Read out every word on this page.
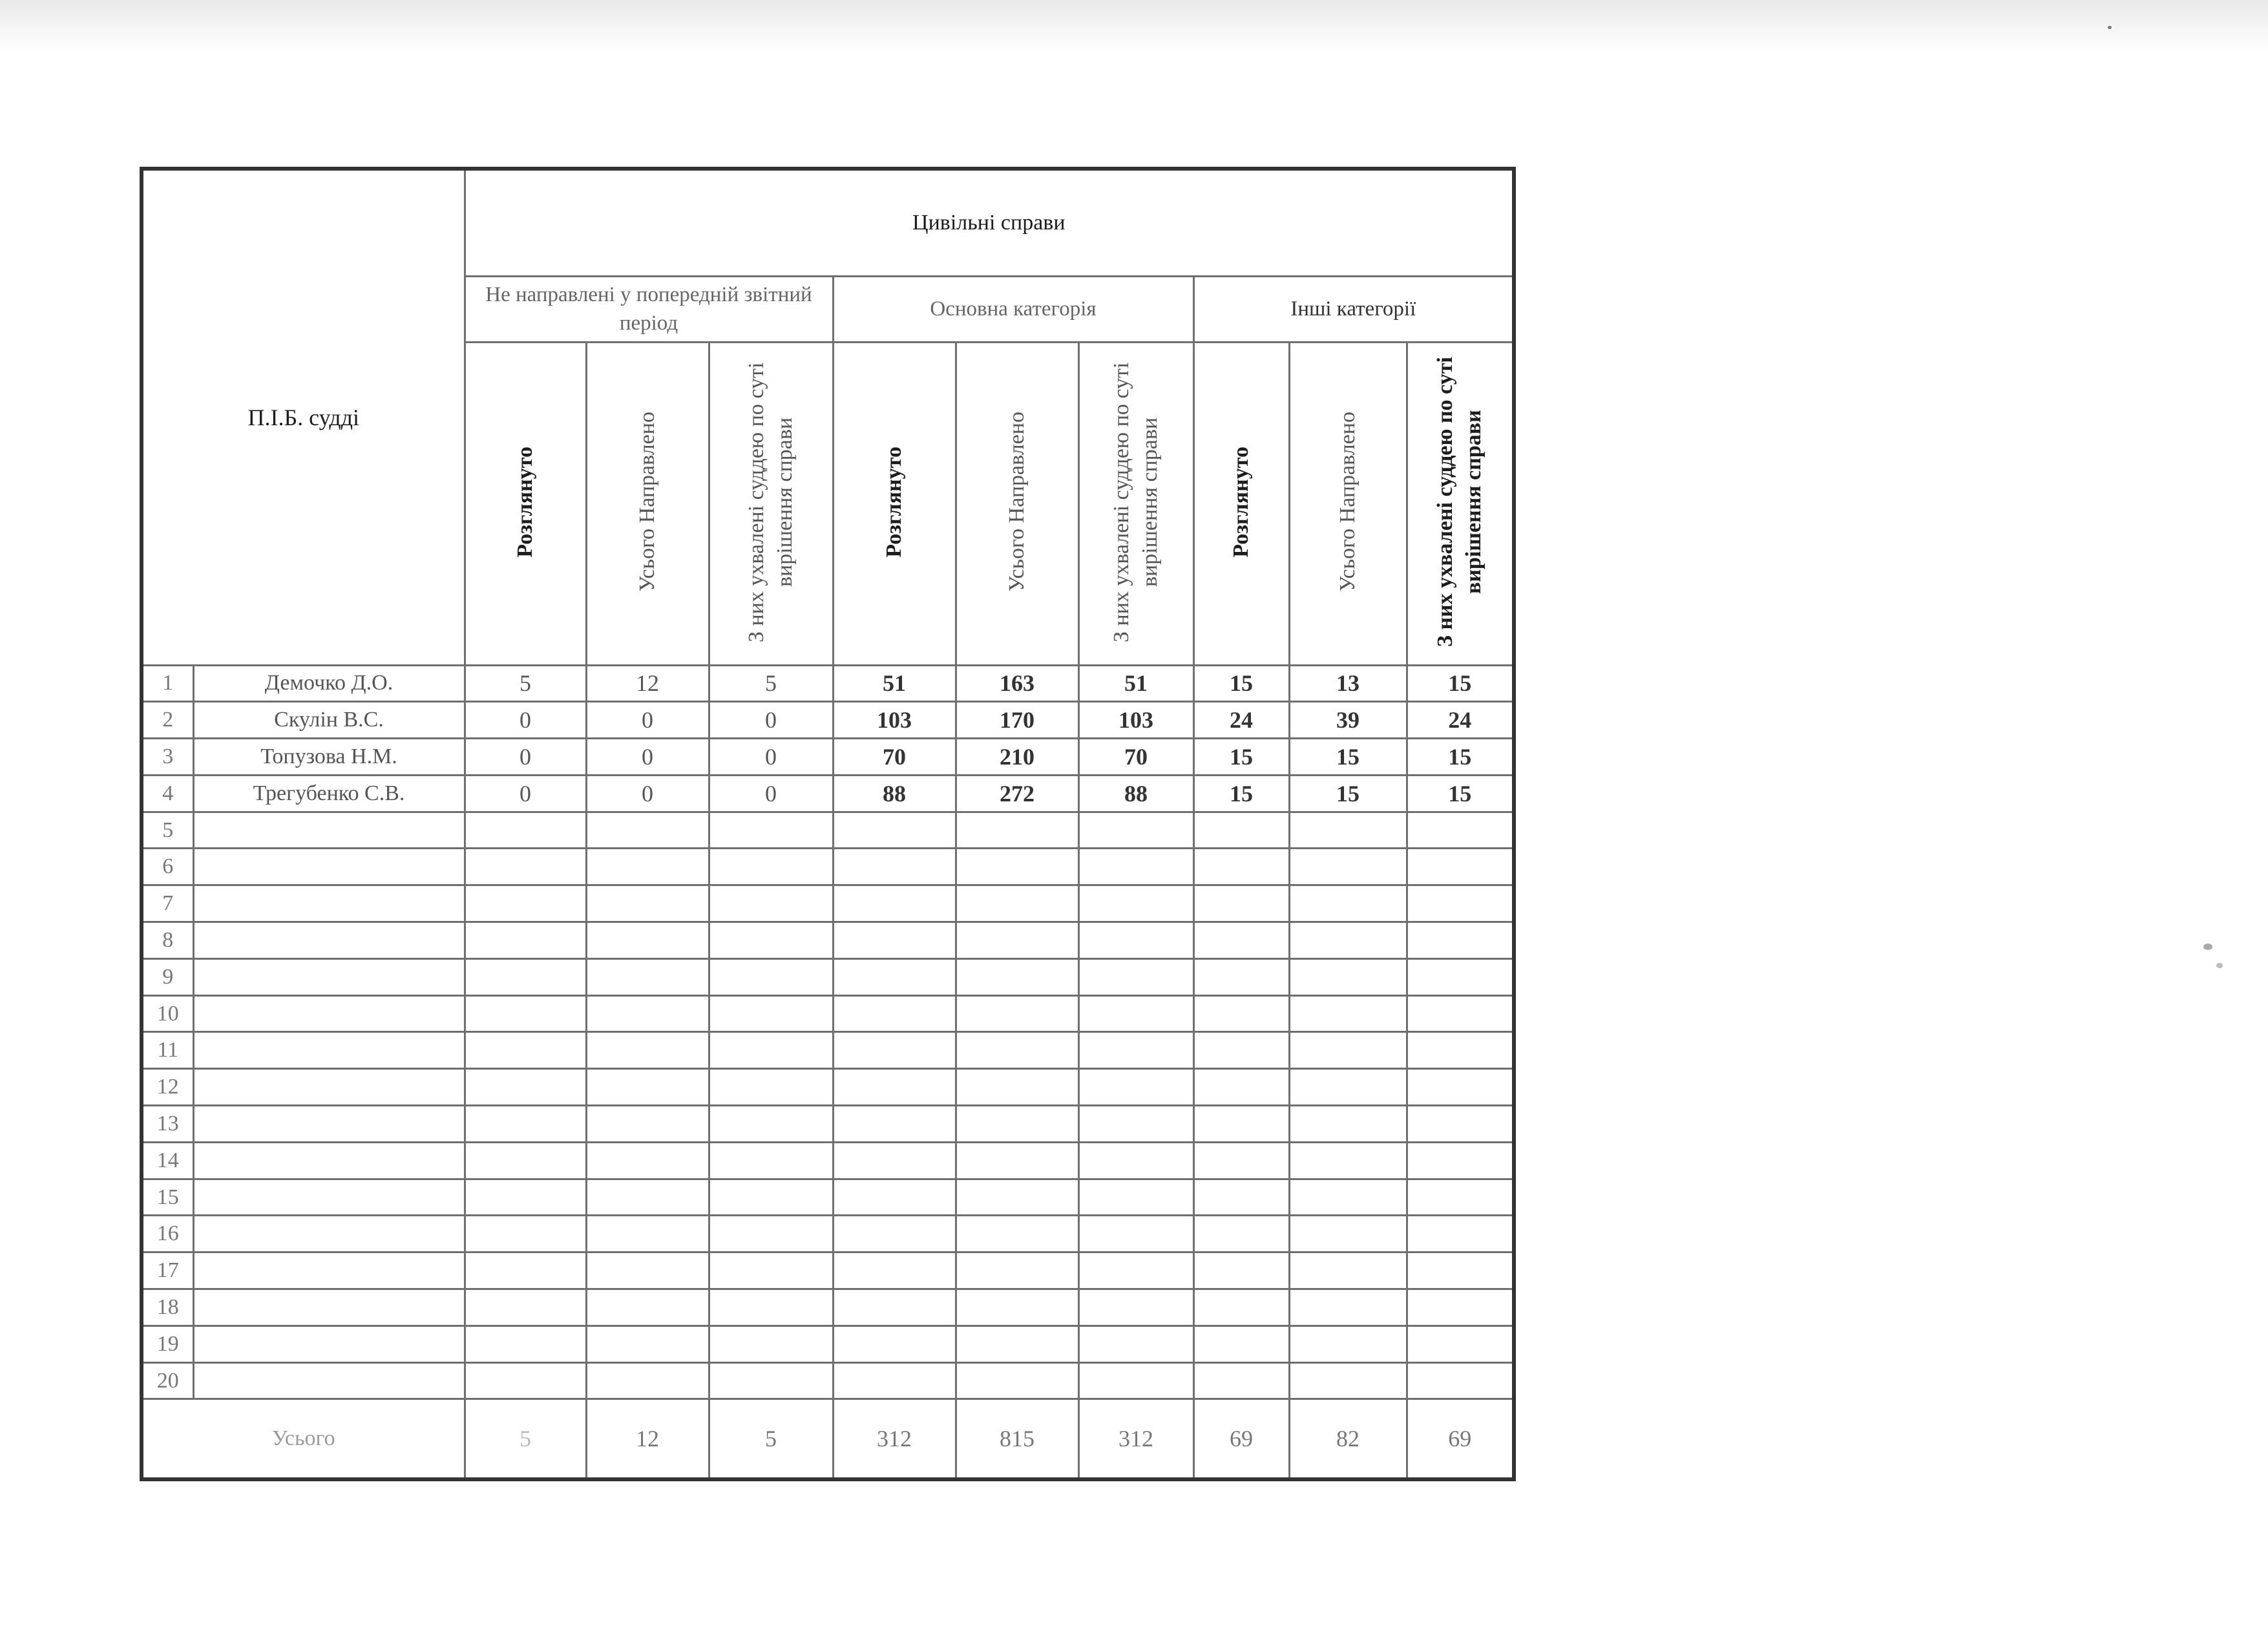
П.І.Б. судді		Цивільні справи								
		Не направлені у попередній звітний період			Основна категорія			Інші категорії		
		Розглянуто	Усього Направлено	З них ухвалені суддею по суті вирішення справи	Розглянуто	Усього Направлено	З них ухвалені суддею по суті вирішення справи	Розглянуто	Усього Направлено	З них ухвалені суддею по суті вирішення справи
1	Демочко Д.О.	5	12	5	51	163	51	15	13	15
2	Скулін В.С.	0	0	0	103	170	103	24	39	24
3	Топузова Н.М.	0	0	0	70	210	70	15	15	15
4	Трегубенко С.В.	0	0	0	88	272	88	15	15	15
5										
6										
7										
8										
9										
10										
11										
12										
13										
14										
15										
16										
17										
18										
19										
20										
Усього		5	12	5	312	815	312	69	82	69
